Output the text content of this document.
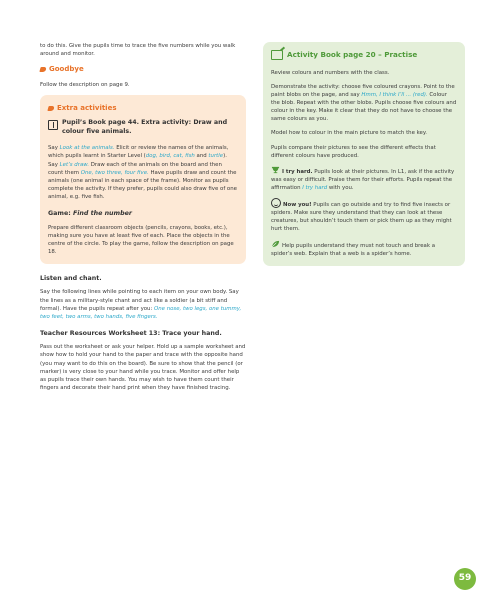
to do this. Give the pupils time to trace the five numbers while you walk around and monitor.

Goodbye

Follow the description on page 9.

Extra activities
Pupil’s Book page 44. Extra activity: Draw and colour five animals.

Say Look at the animals. Elicit or review the names of the animals, which pupils learnt in Starter Level (dog, bird, cat, fish and turtle). Say Let’s draw. Draw each of the animals on the board and then count them One, two three, four five. Have pupils draw and count the animals (one animal in each space of the frame). Monitor as pupils complete the activity. If they prefer, pupils could also draw five of one animal, e.g. five fish.

Game: Find the number

Prepare different classroom objects (pencils, crayons, books, etc.), making sure you have at least five of each. Place the objects in the centre of the circle. To play the game, follow the description on page 18.

Listen and chant.

Say the following lines while pointing to each item on your own body. Say the lines as a military-style chant and act like a soldier (a bit stiff and formal). Have the pupils repeat after you: One nose, two legs, one tummy, two feet, two arms, two hands, five fingers.

Teacher Resources Worksheet 13: Trace your hand.

Pass out the worksheet or ask your helper. Hold up a sample worksheet and show how to hold your hand to the paper and trace with the opposite hand (you may want to do this on the board). Be sure to show that the pencil (or marker) is very close to your hand while you trace. Monitor and offer help as pupils trace their own hands. You may wish to have them count their fingers and decorate their hand print when they have finished tracing.

Activity Book page 20 – Practise

Review colours and numbers with the class.

Demonstrate the activity: choose five coloured crayons. Point to the paint blobs on the page, and say Hmm, I think I’ll ... (red). Colour the blob. Repeat with the other blobs. Pupils choose five colours and colour in the key. Make it clear that they do not have to choose the same colours as you.

Model how to colour in the main picture to match the key.

Pupils compare their pictures to see the different effects that different colours have produced.

I try hard. Pupils look at their pictures. In L1, ask if the activity was easy or difficult. Praise them for their efforts. Pupils repeat the affirmation I try hard with you.

Now you! Pupils can go outside and try to find five insects or spiders. Make sure they understand that they can look at these creatures, but shouldn’t touch them or pick them up as they might hurt them.

Help pupils understand they must not touch and break a spider’s web. Explain that a web is a spider’s home.

59
